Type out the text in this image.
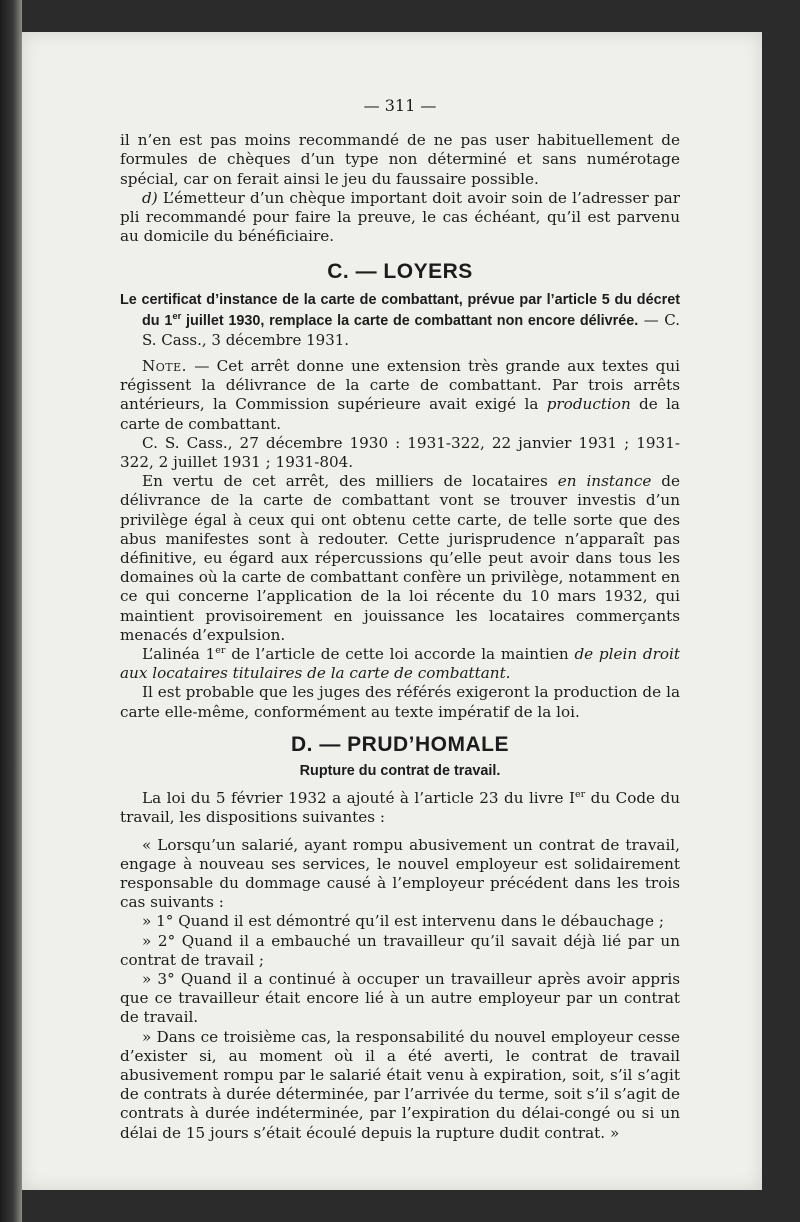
— 311 —

il n’en est pas moins recommandé de ne pas user habituellement de formules de chèques d’un type non déterminé et sans numérotage spécial, car on ferait ainsi le jeu du faussaire possible.

d) L’émetteur d’un chèque important doit avoir soin de l’adresser par pli recommandé pour faire la preuve, le cas échéant, qu’il est parvenu au domicile du bénéficiaire.

C. — LOYERS

Le certificat d’instance de la carte de combattant, prévue par l’article 5 du décret du 1er juillet 1930, remplace la carte de combattant non encore délivrée. — C. S. Cass., 3 décembre 1931.

Note. — Cet arrêt donne une extension très grande aux textes qui régissent la délivrance de la carte de combattant. Par trois arrêts antérieurs, la Commission supérieure avait exigé la production de la carte de combattant.

C. S. Cass., 27 décembre 1930 : 1931-322, 22 janvier 1931 ; 1931-322, 2 juillet 1931 ; 1931-804.

En vertu de cet arrêt, des milliers de locataires en instance de délivrance de la carte de combattant vont se trouver investis d’un privilège égal à ceux qui ont obtenu cette carte, de telle sorte que des abus manifestes sont à redouter. Cette jurisprudence n’apparaît pas définitive, eu égard aux répercussions qu’elle peut avoir dans tous les domaines où la carte de combattant confère un privilège, notamment en ce qui concerne l’application de la loi récente du 10 mars 1932, qui maintient provisoirement en jouissance les locataires commerçants menacés d’expulsion.

L’alinéa 1er de l’article de cette loi accorde la maintien de plein droit aux locataires titulaires de la carte de combattant.

Il est probable que les juges des référés exigeront la production de la carte elle-même, conformément au texte impératif de la loi.

D. — PRUD’HOMALE

Rupture du contrat de travail.

La loi du 5 février 1932 a ajouté à l’article 23 du livre Ier du Code du travail, les dispositions suivantes :

« Lorsqu’un salarié, ayant rompu abusivement un contrat de travail, engage à nouveau ses services, le nouvel employeur est solidairement responsable du dommage causé à l’employeur précédent dans les trois cas suivants :

» 1° Quand il est démontré qu’il est intervenu dans le débauchage ;

» 2° Quand il a embauché un travailleur qu’il savait déjà lié par un contrat de travail ;

» 3° Quand il a continué à occuper un travailleur après avoir appris que ce travailleur était encore lié à un autre employeur par un contrat de travail.

» Dans ce troisième cas, la responsabilité du nouvel employeur cesse d’exister si, au moment où il a été averti, le contrat de travail abusivement rompu par le salarié était venu à expiration, soit, s’il s’agit de contrats à durée déterminée, par l’arrivée du terme, soit s’il s’agit de contrats à durée indéterminée, par l’expiration du délai-congé ou si un délai de 15 jours s’était écoulé depuis la rupture dudit contrat. »
